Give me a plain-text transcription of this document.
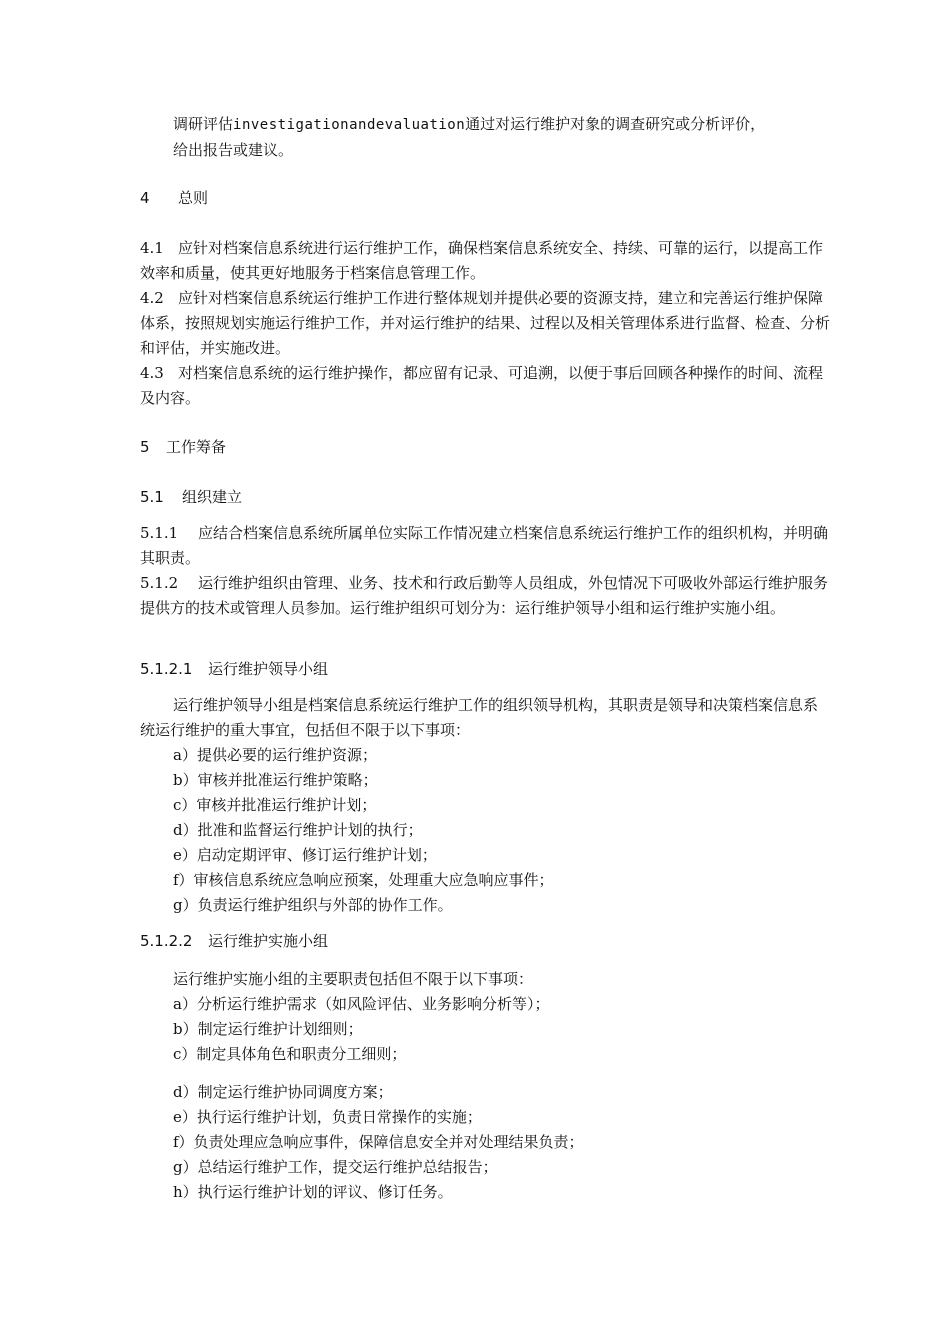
调研评估investigationandevaluation通过对运行维护对象的调查研究或分析评价，
给出报告或建议。

4 总则

4.1 应针对档案信息系统进行运行维护工作，确保档案信息系统安全、持续、可靠的运行，以提高工作效率和质量，使其更好地服务于档案信息管理工作。

4.2 应针对档案信息系统运行维护工作进行整体规划并提供必要的资源支持，建立和完善运行维护保障体系，按照规划实施运行维护工作，并对运行维护的结果、过程以及相关管理体系进行监督、检查、分析和评估，并实施改进。

4.3 对档案信息系统的运行维护操作，都应留有记录、可追溯，以便于事后回顾各种操作的时间、流程及内容。

5 工作筹备
5.1 组织建立

5.1.1 应结合档案信息系统所属单位实际工作情况建立档案信息系统运行维护工作的组织机构，并明确其职责。

5.1.2 运行维护组织由管理、业务、技术和行政后勤等人员组成，外包情况下可吸收外部运行维护服务提供方的技术或管理人员参加。运行维护组织可划分为：运行维护领导小组和运行维护实施小组。

5.1.2.1 运行维护领导小组

运行维护领导小组是档案信息系统运行维护工作的组织领导机构，其职责是领导和决策档案信息系统运行维护的重大事宜，包括但不限于以下事项：

a）提供必要的运行维护资源；

b）审核并批准运行维护策略；

c）审核并批准运行维护计划；

d）批准和监督运行维护计划的执行；

e）启动定期评审、修订运行维护计划；

f）审核信息系统应急响应预案，处理重大应急响应事件；

g）负责运行维护组织与外部的协作工作。

5.1.2.2 运行维护实施小组

运行维护实施小组的主要职责包括但不限于以下事项：

a）分析运行维护需求（如风险评估、业务影响分析等）；

b）制定运行维护计划细则；

c）制定具体角色和职责分工细则；

d）制定运行维护协同调度方案；

e）执行运行维护计划，负责日常操作的实施；

f）负责处理应急响应事件，保障信息安全并对处理结果负责；

g）总结运行维护工作，提交运行维护总结报告；

h）执行运行维护计划的评议、修订任务。
